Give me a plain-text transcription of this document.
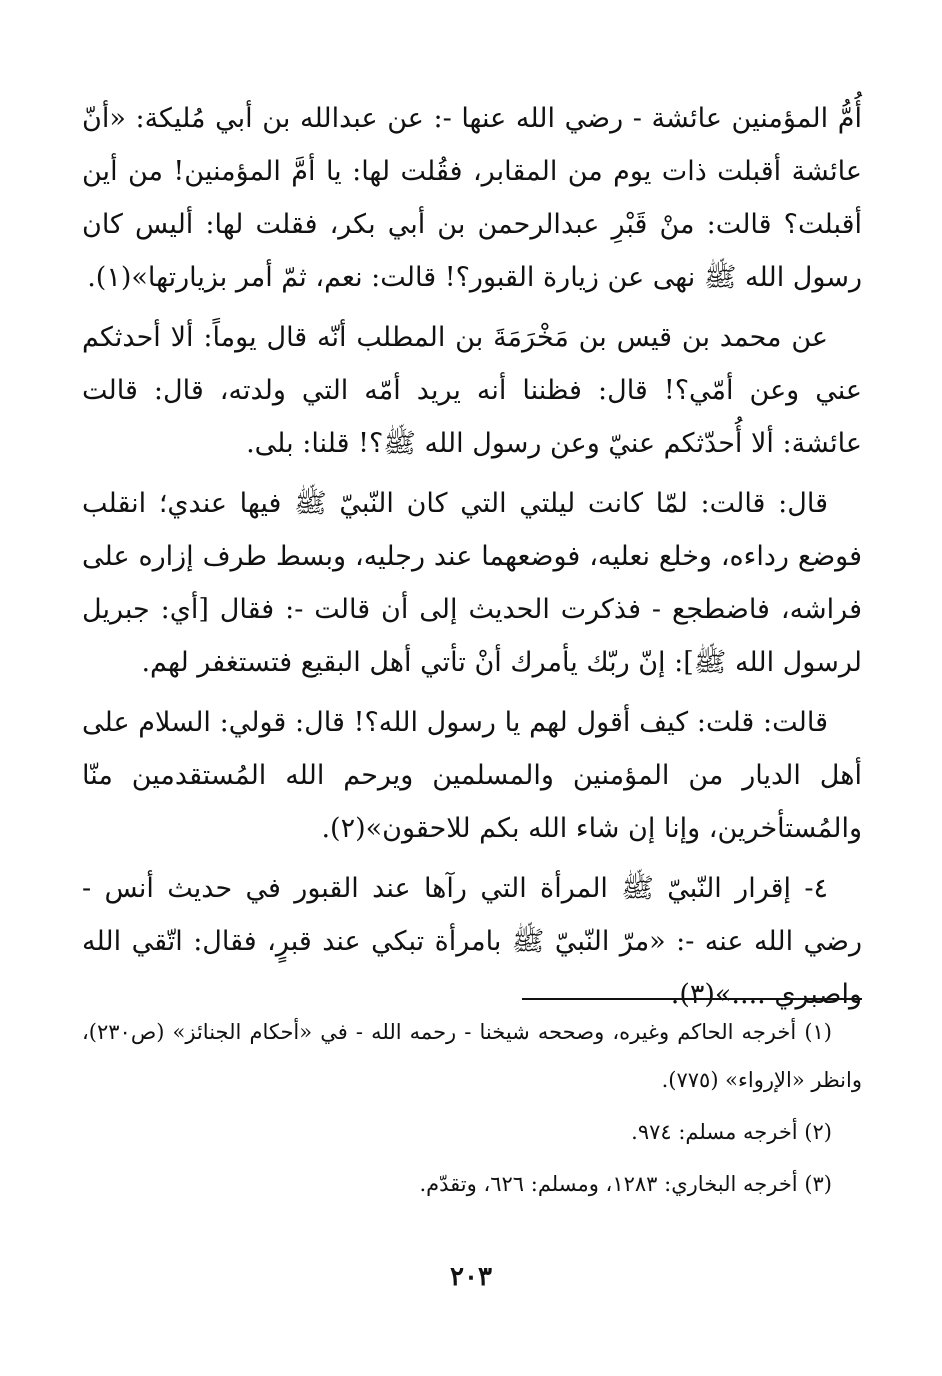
أُمُّ المؤمنين عائشة - رضي الله عنها -: عن عبدالله بن أبي مُليكة: «أنّ عائشة أقبلت ذات يوم من المقابر، فقُلت لها: يا أمَّ المؤمنين! من أين أقبلت؟ قالت: منْ قَبْرِ عبدالرحمن بن أبي بكر، فقلت لها: أليس كان رسول الله ﷺ نهى عن زيارة القبور؟! قالت: نعم، ثمّ أمر بزيارتها»(١).

عن محمد بن قيس بن مَخْرَمَةَ بن المطلب أنّه قال يوماً: ألا أحدثكم عني وعن أمّي؟! قال: فظننا أنه يريد أمّه التي ولدته، قال: قالت عائشة: ألا أُحدّثكم عنيّ وعن رسول الله ﷺ؟! قلنا: بلى.

قال: قالت: لمّا كانت ليلتي التي كان النّبيّ ﷺ فيها عندي؛ انقلب فوضع رداءه، وخلع نعليه، فوضعهما عند رجليه، وبسط طرف إزاره على فراشه، فاضطجع - فذكرت الحديث إلى أن قالت -: فقال [أي: جبريل لرسول الله ﷺ]: إنّ ربّك يأمرك أنْ تأتي أهل البقيع فتستغفر لهم.

قالت: قلت: كيف أقول لهم يا رسول الله؟! قال: قولي: السلام على أهل الديار من المؤمنين والمسلمين ويرحم الله المُستقدمين منّا والمُستأخرين، وإنا إن شاء الله بكم للاحقون»(٢).

٤- إقرار النّبيّ ﷺ المرأة التي رآها عند القبور في حديث أنس - رضي الله عنه -: «مرّ النّبيّ ﷺ بامرأة تبكي عند قبرٍ، فقال: اتّقي الله واصبري ....»(٣).

(١) أخرجه الحاكم وغيره، وصححه شيخنا - رحمه الله - في «أحكام الجنائز» (ص٢٣٠)، وانظر «الإرواء» (٧٧٥).

(٢) أخرجه مسلم: ٩٧٤.

(٣) أخرجه البخاري: ١٢٨٣، ومسلم: ٦٢٦، وتقدّم.

٢٠٣
